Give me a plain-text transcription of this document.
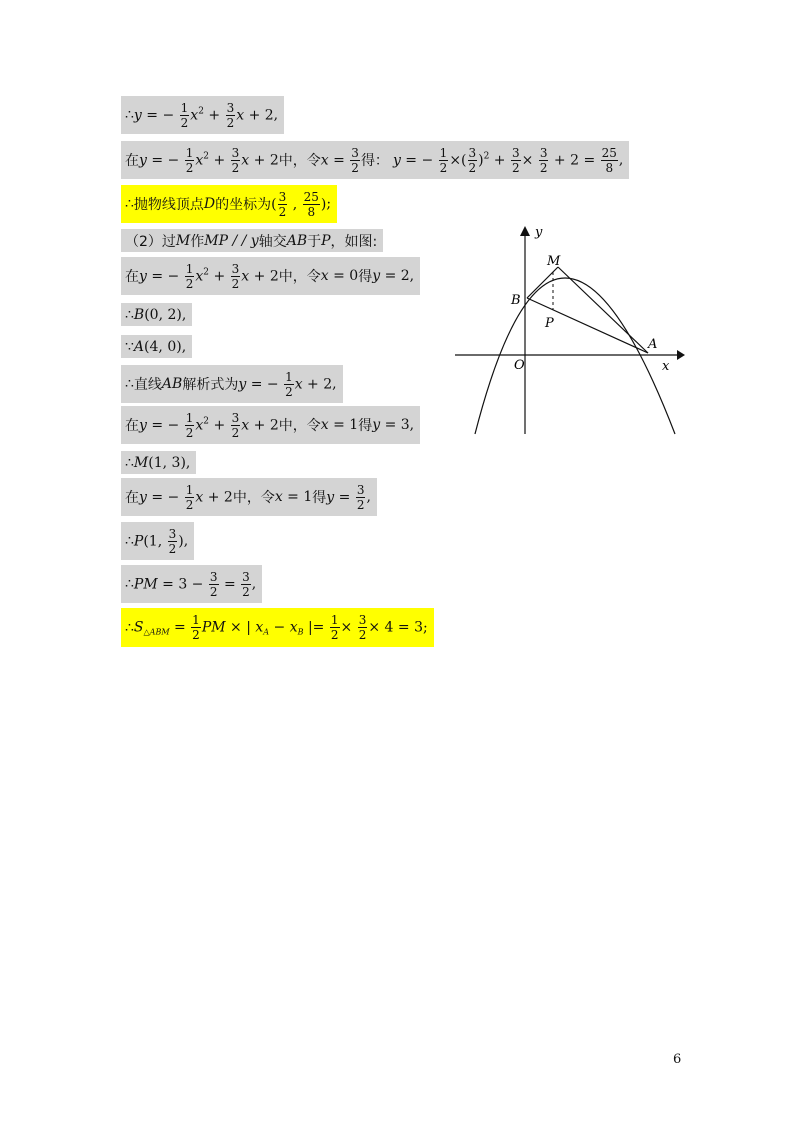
∴ y = − $\frac{1}{2} x^2 + \frac{3}{2}$ x + 2 ,
在 y = − $\frac{1}{2} x^2 + \frac{3}{2}$ x + 2 中，令 $x = \frac{3}{2}$ 得： y = − $\frac{1}{2}$ ×( $\frac{3}{2} )^2 + \frac{3}{2} \times \frac{3}{2} + 2 = \frac{25}{8}$ ,
∴ 抛物线顶点 D 的坐标为 ( $\frac{3}{2}$ , $\frac{25}{8}$ ) ;
（2）过 M 作 MP / / y 轴交 AB 于 P ，如图:
在 y = − $\frac{1}{2} x^2 + \frac{3}{2}$ x + 2 中，令 x = 0 得 y = 2 ,
∴ B(0, 2) ,
∵ A(4, 0) ,
∴ 直线 AB 解析式为 y = − $\frac{1}{2}$ x + 2 ,
在 y = − $\frac{1}{2} x^2 + \frac{3}{2}$ x + 2 中，令 x = 1 得 y = 3 ,
∴ M(1, 3) ,
在 y = − $\frac{1}{2}$ x + 2 中，令 x = 1 得 $y = \frac{3}{2}$ ,
∴ P(1, $\frac{3}{2}$ ) ,
∴ PM = $3 - \frac{3}{2} = \frac{3}{2}$ ,
∴ $S_{\triangle ABM} = \frac{1}{2}$ PM × | $x_A - x_B$ |= $\frac{1}{2} \times \frac{3}{2} \times 4 = 3$ ;
y
x
O
M
B
P
A
6
